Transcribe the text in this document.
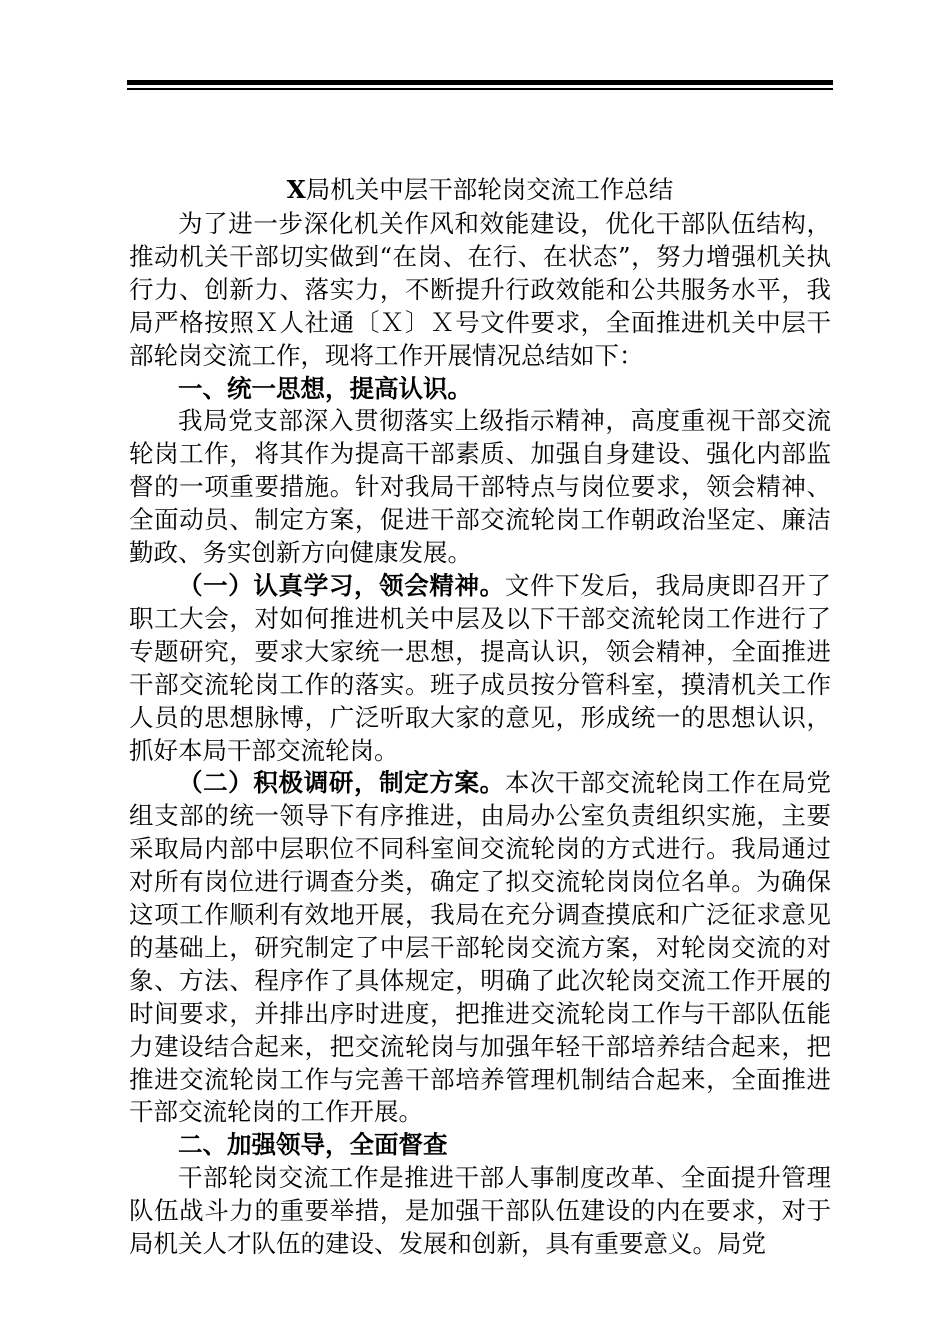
X局机关中层干部轮岗交流工作总结

为了进一步深化机关作风和效能建设，优化干部队伍结构，推动机关干部切实做到“在岗、在行、在状态”，努力增强机关执行力、创新力、落实力，不断提升行政效能和公共服务水平，我局严格按照Ｘ人社通〔Ｘ〕Ｘ号文件要求，全面推进机关中层干部轮岗交流工作，现将工作开展情况总结如下：

一、统一思想，提高认识。

我局党支部深入贯彻落实上级指示精神，高度重视干部交流轮岗工作，将其作为提高干部素质、加强自身建设、强化内部监督的一项重要措施。针对我局干部特点与岗位要求，领会精神、全面动员、制定方案，促进干部交流轮岗工作朝政治坚定、廉洁勤政、务实创新方向健康发展。

（一）认真学习，领会精神。文件下发后，我局庚即召开了职工大会，对如何推进机关中层及以下干部交流轮岗工作进行了专题研究，要求大家统一思想，提高认识，领会精神，全面推进干部交流轮岗工作的落实。班子成员按分管科室，摸清机关工作人员的思想脉博，广泛听取大家的意见，形成统一的思想认识，抓好本局干部交流轮岗。

（二）积极调研，制定方案。本次干部交流轮岗工作在局党组支部的统一领导下有序推进，由局办公室负责组织实施，主要采取局内部中层职位不同科室间交流轮岗的方式进行。我局通过对所有岗位进行调查分类，确定了拟交流轮岗岗位名单。为确保这项工作顺利有效地开展，我局在充分调查摸底和广泛征求意见的基础上，研究制定了中层干部轮岗交流方案，对轮岗交流的对象、方法、程序作了具体规定，明确了此次轮岗交流工作开展的时间要求，并排出序时进度，把推进交流轮岗工作与干部队伍能力建设结合起来，把交流轮岗与加强年轻干部培养结合起来，把推进交流轮岗工作与完善干部培养管理机制结合起来，全面推进干部交流轮岗的工作开展。

二、加强领导，全面督查

干部轮岗交流工作是推进干部人事制度改革、全面提升管理队伍战斗力的重要举措，是加强干部队伍建设的内在要求，对于局机关人才队伍的建设、发展和创新，具有重要意义。局党
